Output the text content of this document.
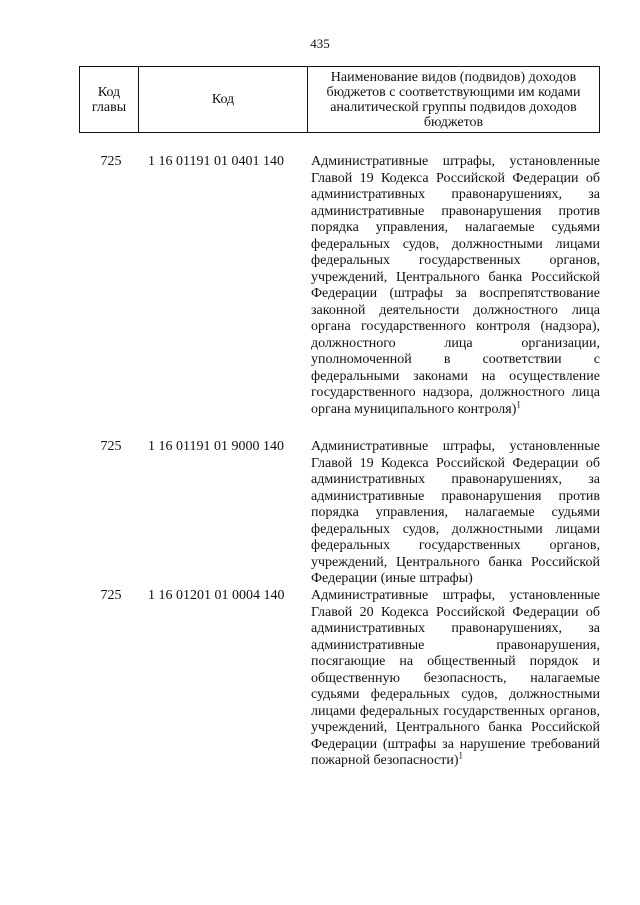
435
Код главы	Код	Наименование видов (подвидов) доходов бюджетов с соответствующими им кодами аналитической группы подвидов доходов бюджетов
725	1 16 01191 01 0401 140	Административные штрафы, установленные Главой 19 Кодекса Российской Федерации об административных правонарушениях, за административные правонарушения против порядка управления, налагаемые судьями федеральных судов, должностными лицами федеральных государственных органов, учреждений, Центрального банка Российской Федерации (штрафы за воспрепятствование законной деятельности должностного лица органа государственного контроля (надзора), должностного лица организации, уполномоченной в соответствии с федеральными законами на осуществление государственного надзора, должностного лица органа муниципального контроля)$^1$
725	1 16 01191 01 9000 140	Административные штрафы, установленные Главой 19 Кодекса Российской Федерации об административных правонарушениях, за административные правонарушения против порядка управления, налагаемые судьями федеральных судов, должностными лицами федеральных государственных органов, учреждений, Центрального банка Российской Федерации (иные штрафы)
725	1 16 01201 01 0004 140	Административные штрафы, установленные Главой 20 Кодекса Российской Федерации об административных правонарушениях, за административные правонарушения, посягающие на общественный порядок и общественную безопасность, налагаемые судьями федеральных судов, должностными лицами федеральных государственных органов, учреждений, Центрального банка Российской Федерации (штрафы за нарушение требований пожарной безопасности)$^1$
